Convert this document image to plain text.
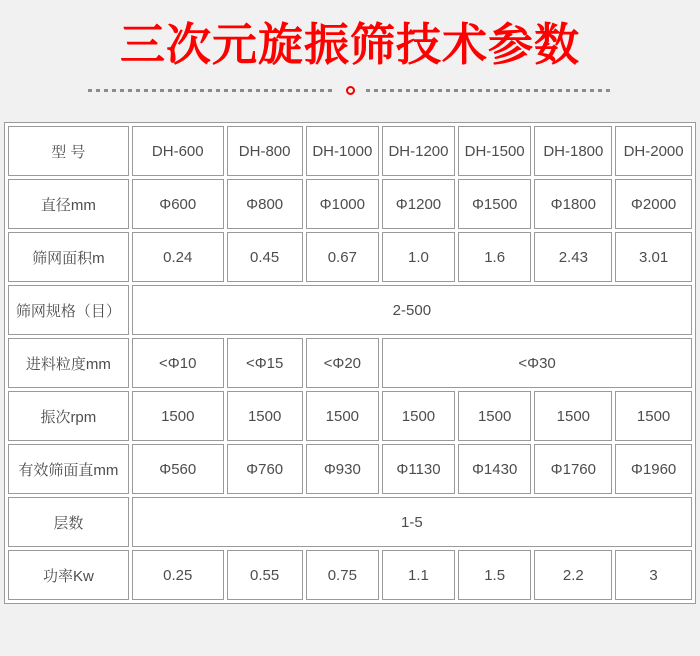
三次元旋振筛技术参数
型 号	DH-600	DH-800	DH-1000	DH-1200	DH-1500	DH-1800	DH-2000
直径mm	Φ600	Φ800	Φ1000	Φ1200	Φ1500	Φ1800	Φ2000
筛网面积m	0.24	0.45	0.67	1.0	1.6	2.43	3.01
筛网规格（目）	2-500						
进料粒度mm	<Φ10	<Φ15	<Φ20	<Φ30			
振次rpm	1500	1500	1500	1500	1500	1500	1500
有效筛面直mm	Φ560	Φ760	Φ930	Φ1130	Φ1430	Φ1760	Φ1960
层数	1-5						
功率Kw	0.25	0.55	0.75	1.1	1.5	2.2	3
